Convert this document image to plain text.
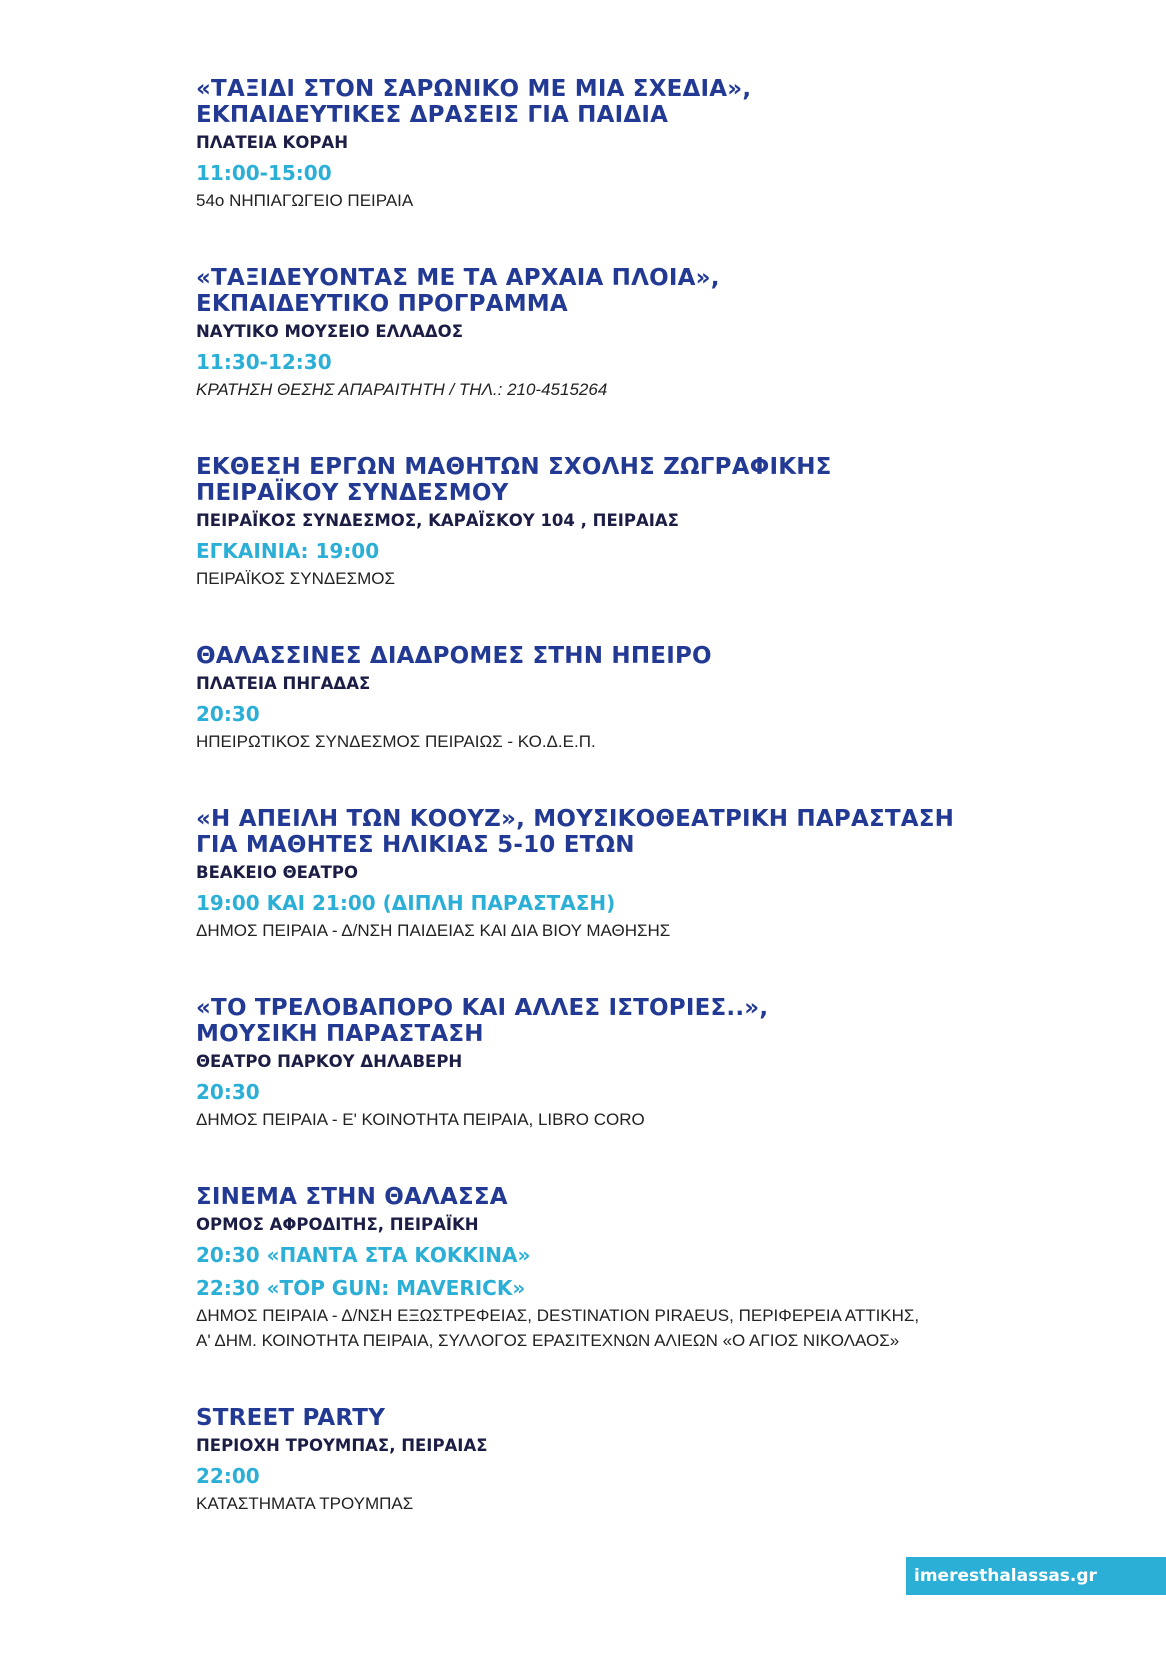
«ΤΑΞΙΔΙ ΣΤΟΝ ΣΑΡΩΝΙΚΟ ΜΕ ΜΙΑ ΣΧΕΔΙΑ»,
ΕΚΠΑΙΔΕΥΤΙΚΕΣ ΔΡΑΣΕΙΣ ΓΙΑ ΠΑΙΔΙΑ
ΠΛΑΤΕΙΑ ΚΟΡΑΗ
11:00-15:00
54ο ΝΗΠΙΑΓΩΓΕΙΟ ΠΕΙΡΑΙΑ
«ΤΑΞΙΔΕΥΟΝΤΑΣ ΜΕ ΤΑ ΑΡΧΑΙΑ ΠΛΟΙΑ»,
ΕΚΠΑΙΔΕΥΤΙΚΟ ΠΡΟΓΡΑΜΜΑ
ΝΑΥΤΙΚΟ ΜΟΥΣΕΙΟ ΕΛΛΑΔΟΣ
11:30-12:30
ΚΡΑΤΗΣΗ ΘΕΣΗΣ ΑΠΑΡΑΙΤΗΤΗ / ΤΗΛ.: 210-4515264
ΕΚΘΕΣΗ ΕΡΓΩΝ ΜΑΘΗΤΩΝ ΣΧΟΛΗΣ ΖΩΓΡΑΦΙΚΗΣ
ΠΕΙΡΑΪΚΟΥ ΣΥΝΔΕΣΜΟΥ
ΠΕΙΡΑΪΚΟΣ ΣΥΝΔΕΣΜΟΣ, ΚΑΡΑΪΣΚΟΥ 104 , ΠΕΙΡΑΙΑΣ
ΕΓΚΑΙΝΙΑ: 19:00
ΠΕΙΡΑΪΚΟΣ ΣΥΝΔΕΣΜΟΣ
ΘΑΛΑΣΣΙΝΕΣ ΔΙΑΔΡΟΜΕΣ ΣΤΗΝ ΗΠΕΙΡΟ
ΠΛΑΤΕΙΑ ΠΗΓΑΔΑΣ
20:30
ΗΠΕΙΡΩΤΙΚΟΣ ΣΥΝΔΕΣΜΟΣ ΠΕΙΡΑΙΩΣ - ΚΟ.Δ.Ε.Π.
«Η ΑΠΕΙΛΗ ΤΩΝ ΚΟΟΥΖ», ΜΟΥΣΙΚΟΘΕΑΤΡΙΚΗ ΠΑΡΑΣΤΑΣΗ
ΓΙΑ ΜΑΘΗΤΕΣ ΗΛΙΚΙΑΣ 5-10 ΕΤΩΝ
ΒΕΑΚΕΙΟ ΘΕΑΤΡΟ
19:00 ΚΑΙ 21:00 (ΔΙΠΛΗ ΠΑΡΑΣΤΑΣΗ)
ΔΗΜΟΣ ΠΕΙΡΑΙΑ - Δ/ΝΣΗ ΠΑΙΔΕΙΑΣ ΚΑΙ ΔΙΑ ΒΙΟΥ ΜΑΘΗΣΗΣ
«ΤΟ ΤΡΕΛΟΒΑΠΟΡΟ ΚΑΙ ΑΛΛΕΣ ΙΣΤΟΡΙΕΣ..»,
ΜΟΥΣΙΚΗ ΠΑΡΑΣΤΑΣΗ
ΘΕΑΤΡΟ ΠΑΡΚΟΥ ΔΗΛΑΒΕΡΗ
20:30
ΔΗΜΟΣ ΠΕΙΡΑΙΑ - Ε' ΚΟΙΝΟΤΗΤΑ ΠΕΙΡΑΙΑ, LIBRO CORO
ΣΙΝΕΜΑ ΣΤΗΝ ΘΑΛΑΣΣΑ
ΟΡΜΟΣ ΑΦΡΟΔΙΤΗΣ, ΠΕΙΡΑΪΚΗ
20:30 «ΠΑΝΤΑ ΣΤΑ ΚΟΚΚΙΝΑ»
22:30 «TOP GUN: MAVERICK»
ΔΗΜΟΣ ΠΕΙΡΑΙΑ - Δ/ΝΣΗ ΕΞΩΣΤΡΕΦΕΙΑΣ, DESTINATION PIRAEUS, ΠΕΡΙΦΕΡΕΙΑ ΑΤΤΙΚΗΣ,
Α' ΔΗΜ. ΚΟΙΝΟΤΗΤΑ ΠΕΙΡΑΙΑ, ΣΥΛΛΟΓΟΣ ΕΡΑΣΙΤΕΧΝΩΝ ΑΛΙΕΩΝ «Ο ΑΓΙΟΣ ΝΙΚΟΛΑΟΣ»
STREET PARTY
ΠΕΡΙΟΧΗ ΤΡΟΥΜΠΑΣ, ΠΕΙΡΑΙΑΣ
22:00
ΚΑΤΑΣΤΗΜΑΤΑ ΤΡΟΥΜΠΑΣ
imeresthalassas.gr
